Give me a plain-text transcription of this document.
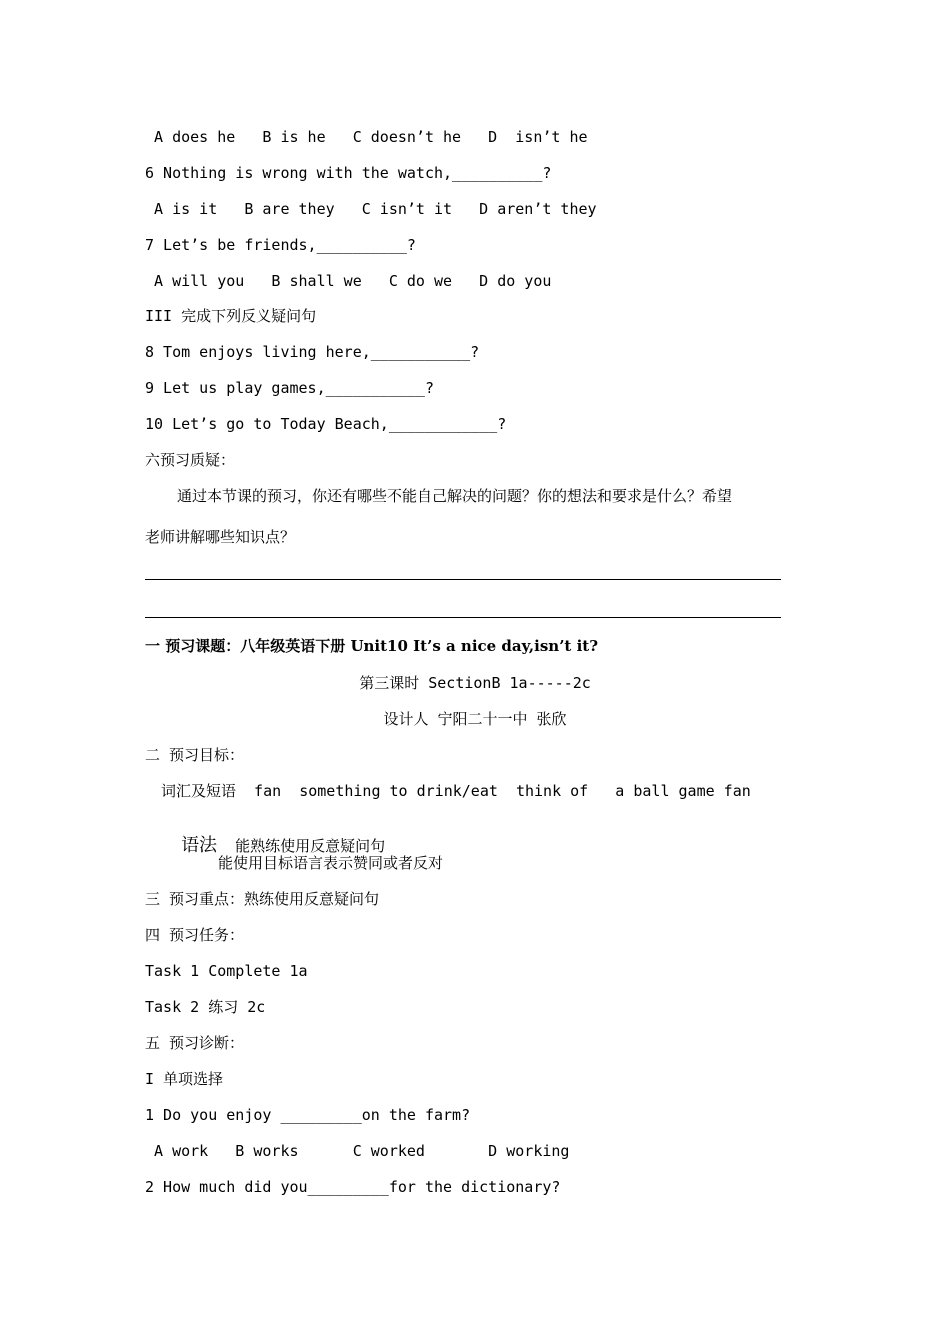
A does he   B is he   C doesn’t he   D  isn’t he
6 Nothing is wrong with the watch,__________?
A is it   B are they   C isn’t it   D aren’t they
7 Let’s be friends,__________?
A will you   B shall we   C do we   D do you
III 完成下列反义疑问句
8 Tom enjoys living here,___________?
9 Let us play games,___________?
10 Let’s go to Today Beach,____________?
六预习质疑：
通过本节课的预习，你还有哪些不能自己解决的问题？你的想法和要求是什么？希望
老师讲解哪些知识点？
一 预习课题：八年级英语下册 Unit10 It’s a nice day,isn’t it?
第三课时 SectionB 1a-----2c
设计人 宁阳二十一中 张欣
二 预习目标：
词汇及短语  fan  something to drink/eat  think of   a ball game fan

语法 能熟练使用反意疑问句

能使用目标语言表示赞同或者反对
三 预习重点：熟练使用反意疑问句
四 预习任务：
Task 1 Complete 1a
Task 2 练习 2c
五 预习诊断：
I 单项选择
1 Do you enjoy _________on the farm?
A work   B works      C worked       D working
2 How much did you_________for the dictionary?
